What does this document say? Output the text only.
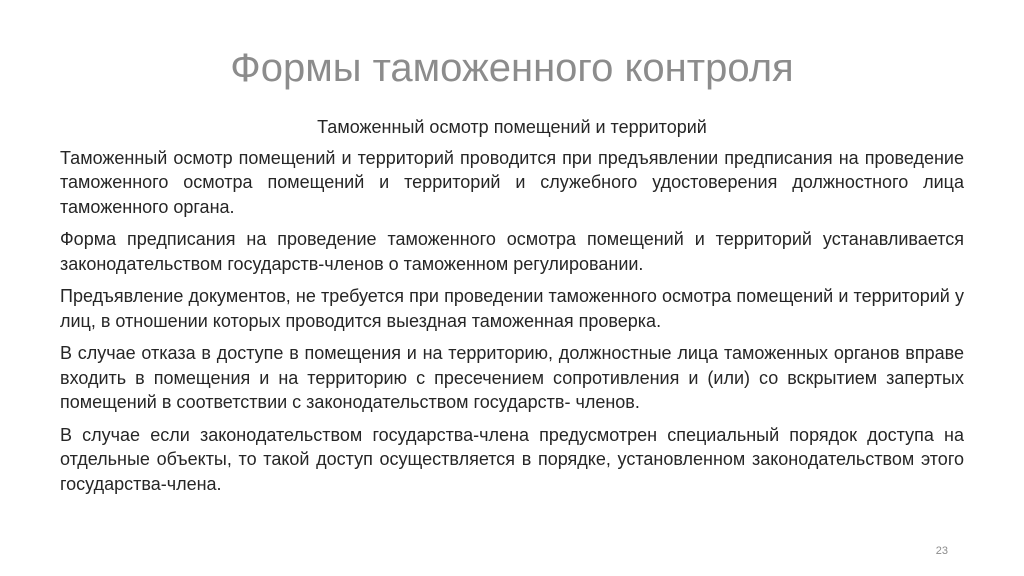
Формы таможенного контроля

Таможенный осмотр помещений и территорий

Таможенный осмотр помещений и территорий проводится при предъявлении предписания на проведение таможенного осмотра помещений и территорий и служебного удостоверения должностного лица таможенного органа.

Форма предписания на проведение таможенного осмотра помещений и территорий устанавливается законодательством государств-членов о таможенном регулировании.

Предъявление документов, не требуется при проведении таможенного осмотра помещений и территорий у лиц, в отношении которых проводится выездная таможенная проверка.

В случае отказа в доступе в помещения и на территорию, должностные лица таможенных органов вправе входить в помещения и на территорию с пресечением сопротивления и (или) со вскрытием запертых помещений в соответствии с законодательством государств- членов.

В случае если законодательством государства-члена предусмотрен специальный порядок доступа на отдельные объекты, то такой доступ осуществляется в порядке, установленном законодательством этого государства-члена.

23
